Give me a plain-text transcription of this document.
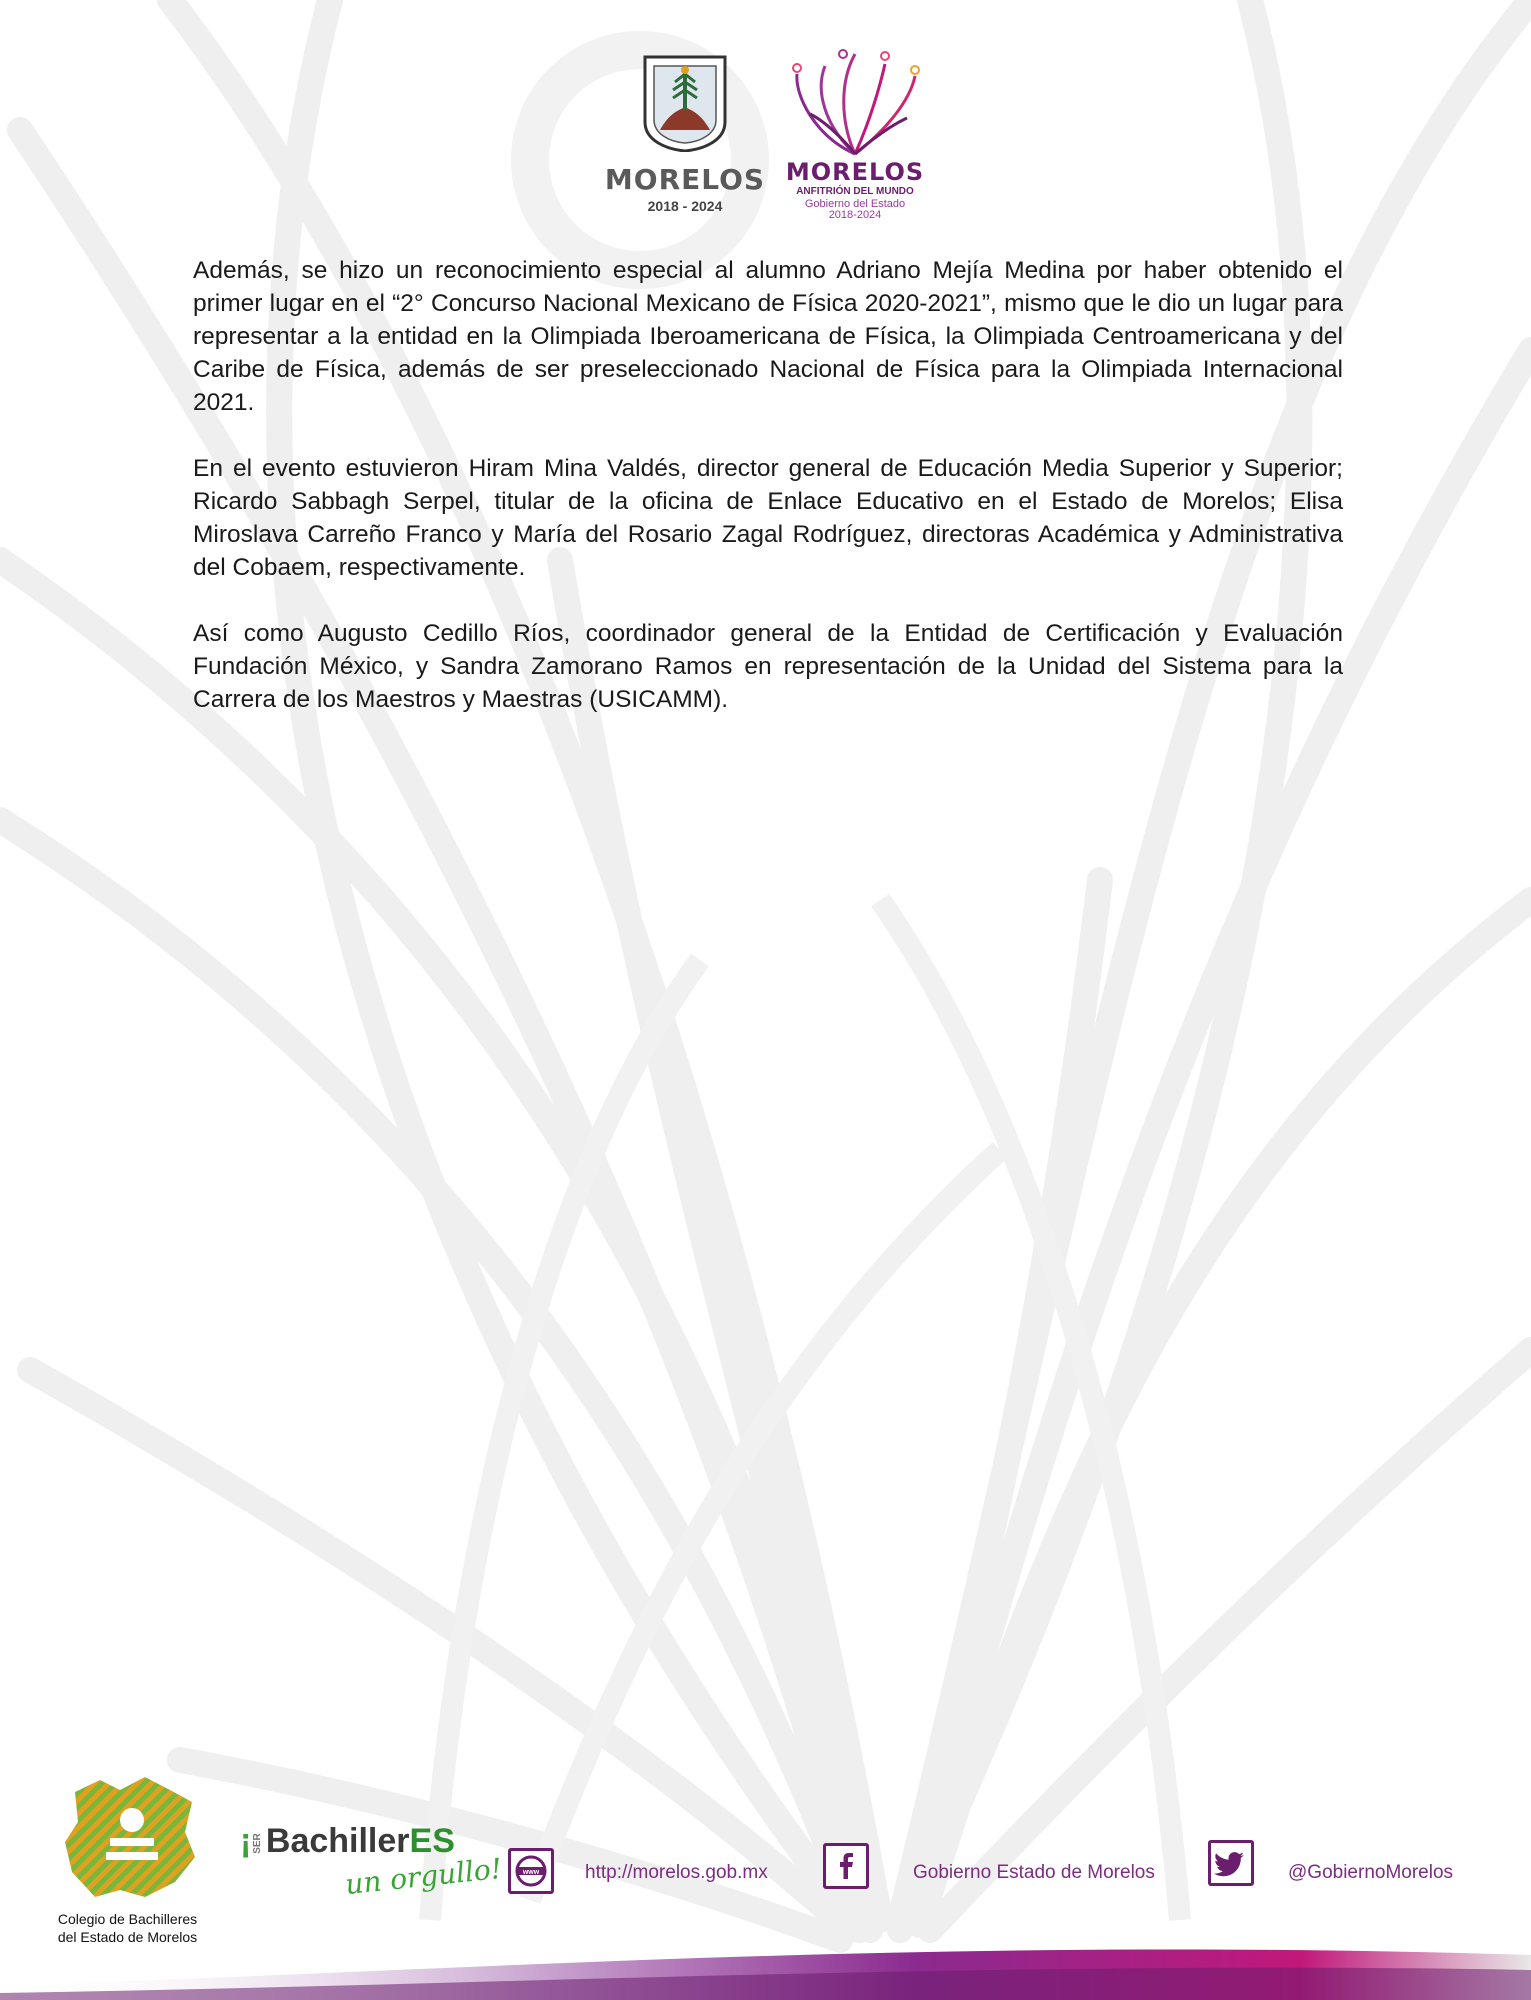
MORELOS
2018 - 2024
MORELOS
ANFITRIÓN DEL MUNDO
Gobierno del Estado
2018-2024

Además, se hizo un reconocimiento especial al alumno Adriano Mejía Medina por haber obtenido el primer lugar en el “2° Concurso Nacional Mexicano de Física 2020-2021”, mismo que le dio un lugar para representar a la entidad en la Olimpiada Iberoamericana de Física, la Olimpiada Centroamericana y del Caribe de Física, además de ser preseleccionado Nacional de Física para la Olimpiada Internacional 2021.

En el evento estuvieron Hiram Mina Valdés, director general de Educación Media Superior y Superior; Ricardo Sabbagh Serpel, titular de la oficina de Enlace Educativo en el Estado de Morelos; Elisa Miroslava Carreño Franco y María del Rosario Zagal Rodríguez, directoras Académica y Administrativa del Cobaem, respectivamente.

Así como Augusto Cedillo Ríos, coordinador general de la Entidad de Certificación y Evaluación Fundación México, y Sandra Zamorano Ramos en representación de la Unidad del Sistema para la Carrera de los Maestros y Maestras (USICAMM).

Colegio de Bachilleres
del Estado de Morelos
¡SERBachillerES
un orgullo!	www http://morelos.gob.mx	Gobierno Estado de Morelos	@GobiernoMorelos
